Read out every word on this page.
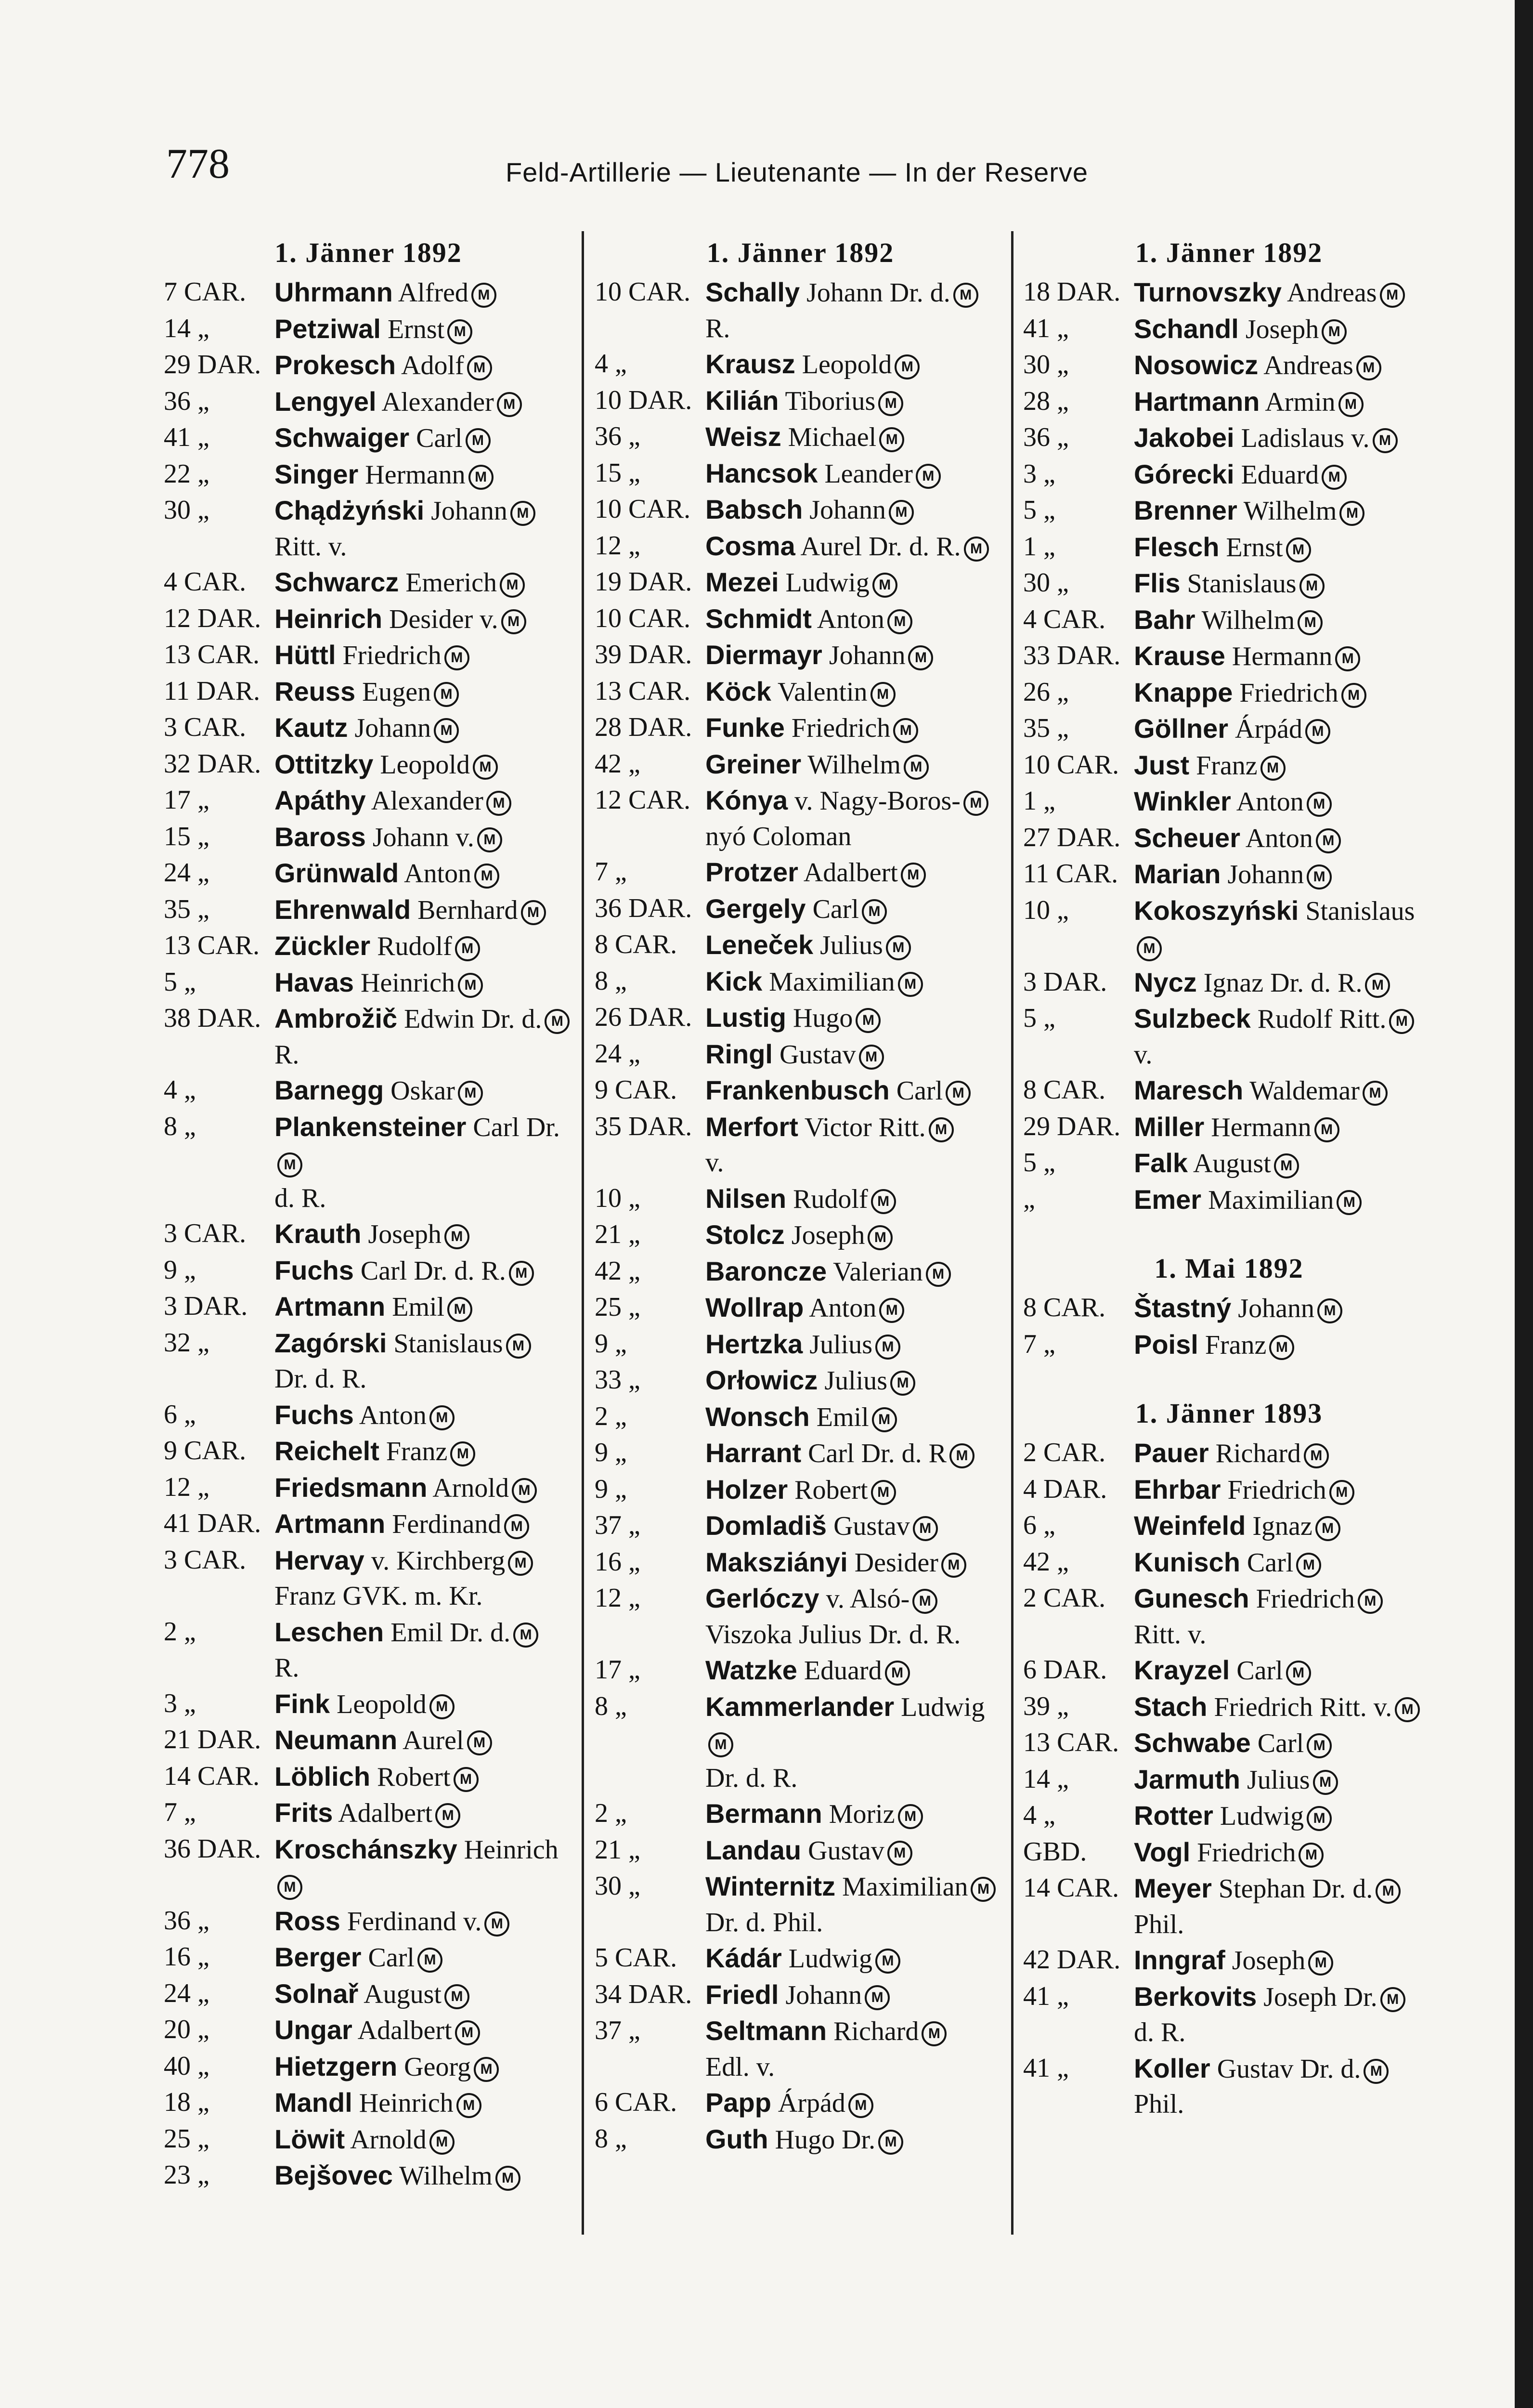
778	Feld-Artillerie — Lieutenante — In der Reserve
1. Jänner 1892
7 CAR.	Uhrmann Alfred M
14 „	Petziwal Ernst M
29 DAR. Prokesch Adolf M
36 „	Lengyel Alexander M
41 „	Schwaiger Carl M
22 „	Singer Hermann M
30 „	Chądżyński Johann M
Ritt. v.
4 CAR.	Schwarcz Emerich M
12 DAR. Heinrich Desider v. M
13 CAR. Hüttl Friedrich M
11 DAR. Reuss Eugen M
3 CAR.	Kautz Johann M
32 DAR. Ottitzky Leopold M
17 „	Apáthy Alexander M
15 „	Baross Johann v. M
24 „	Grünwald Anton M
35 „	Ehrenwald Bernhard M
13 CAR. Zückler Rudolf M
5 „	Havas Heinrich M
38 DAR. Ambrožič Edwin Dr. d. M
R.
4 „	Barnegg Oskar M
8 „	Plankensteiner Carl Dr.M
d. R.
3 CAR.	Krauth Joseph M
9 „	Fuchs Carl Dr. d. R. M
3 DAR. Artmann Emil M
32 „	Zagórski Stanislaus M
Dr. d. R.
6 „	Fuchs Anton M
9 CAR.	Reichelt Franz M
12 „	Friedsmann Arnold M
41 DAR. Artmann Ferdinand M
3 CAR.	Hervay v. Kirchberg M
Franz GVK. m. Kr.
2 „	Leschen Emil Dr. d. M
R.
3 „	Fink Leopold M
21 DAR. Neumann Aurel M
14 CAR. Löblich Robert M
7 „	Frits Adalbert M
36 DAR. Kroschánszky HeinrichM
36 „	Ross Ferdinand v. M
16 „	Berger Carl M
24 „	Solnař August M
20 „	Ungar Adalbert M
40 „	Hietzgern Georg M
18 „	Mandl Heinrich M
25 „	Löwit Arnold M
23 „	Bejšovec Wilhelm M
1. Jänner 1892
10 CAR. Schally Johann Dr. d. M
R.
4 „	Krausz Leopold M
10 DAR. Kilián Tiborius M
36 „	Weisz Michael M
15 „	Hancsok Leander M
10 CAR. Babsch Johann M
12 „	Cosma Aurel Dr. d. R. M
19 DAR. Mezei Ludwig M
10 CAR. Schmidt Anton M
39 DAR. Diermayr Johann M
13 CAR. Köck Valentin M
28 DAR. Funke Friedrich M
42 „	Greiner Wilhelm M
12 CAR. Kónya v. Nagy-Boros- M
nyó Coloman
7 „	Protzer Adalbert M
36 DAR. Gergely Carl M
8 CAR.	Leneček Julius M
8 „	Kick Maximilian M
26 DAR. Lustig Hugo M
24 „	Ringl Gustav M
9 CAR.	Frankenbusch Carl M
35 DAR. Merfort Victor Ritt. M
v.
10 „	Nilsen Rudolf M
21 „	Stolcz Joseph M
42 „	Baroncze Valerian M
25 „	Wollrap Anton M
9 „	Hertzka Julius M
33 „	Orłowicz Julius M
2 „	Wonsch Emil M
9 „	Harrant Carl Dr. d. R M
9 „	Holzer Robert M
37 „	Domladiš Gustav M
16 „	Maksziányi Desider M
12 „	Gerlóczy v. Alsó- M
Viszoka Julius Dr. d. R.
17 „	Watzke Eduard M
8 „	Kammerlander LudwigM
Dr. d. R.
2 „	Bermann Moriz M
21 „	Landau Gustav M
30 „	Winternitz Maximilian M
Dr. d. Phil.
5 CAR.	Kádár Ludwig M
34 DAR. Friedl Johann M
37 „	Seltmann Richard M
Edl. v.
6 CAR.	Papp Árpád M
8 „	Guth Hugo Dr. M
1. Jänner 1892
18 DAR. Turnovszky Andreas M
41 „	Schandl Joseph M
30 „	Nosowicz Andreas M
28 „	Hartmann Armin M
36 „	Jakobei Ladislaus v. M
3 „	Górecki Eduard M
5 „	Brenner Wilhelm M
1 „	Flesch Ernst M
30 „	Flis Stanislaus M
4 CAR.	Bahr Wilhelm M
33 DAR. Krause Hermann M
26 „	Knappe Friedrich M
35 „	Göllner Árpád M
10 CAR. Just Franz M
1 „	Winkler Anton M
27 DAR. Scheuer Anton M
11 CAR. Marian Johann M
10 „	Kokoszyński StanislausM
3 DAR. Nycz Ignaz Dr. d. R. M
5 „	Sulzbeck Rudolf Ritt. M
v.
8 CAR.	Maresch Waldemar M
29 DAR. Miller Hermann M
5 „	Falk August M
„	Emer Maximilian M
1. Mai 1892
8 CAR.	Štastný Johann M
7 „	Poisl Franz M
1. Jänner 1893
2 CAR.	Pauer Richard M
4 DAR. Ehrbar Friedrich M
6 „	Weinfeld Ignaz M
42 „	Kunisch Carl M
2 CAR.	Gunesch Friedrich M
Ritt. v.
6 DAR. Krayzel Carl M
39 „	Stach Friedrich Ritt. v. M
13 CAR. Schwabe Carl M
14 „	Jarmuth Julius M
4 „	Rotter Ludwig M
GBD.	Vogl Friedrich M
14 CAR. Meyer Stephan Dr. d. M
Phil.
42 DAR. Inngraf Joseph M
41 „	Berkovits Joseph Dr. M
d. R.
41 „	Koller Gustav Dr. d. M
Phil.
